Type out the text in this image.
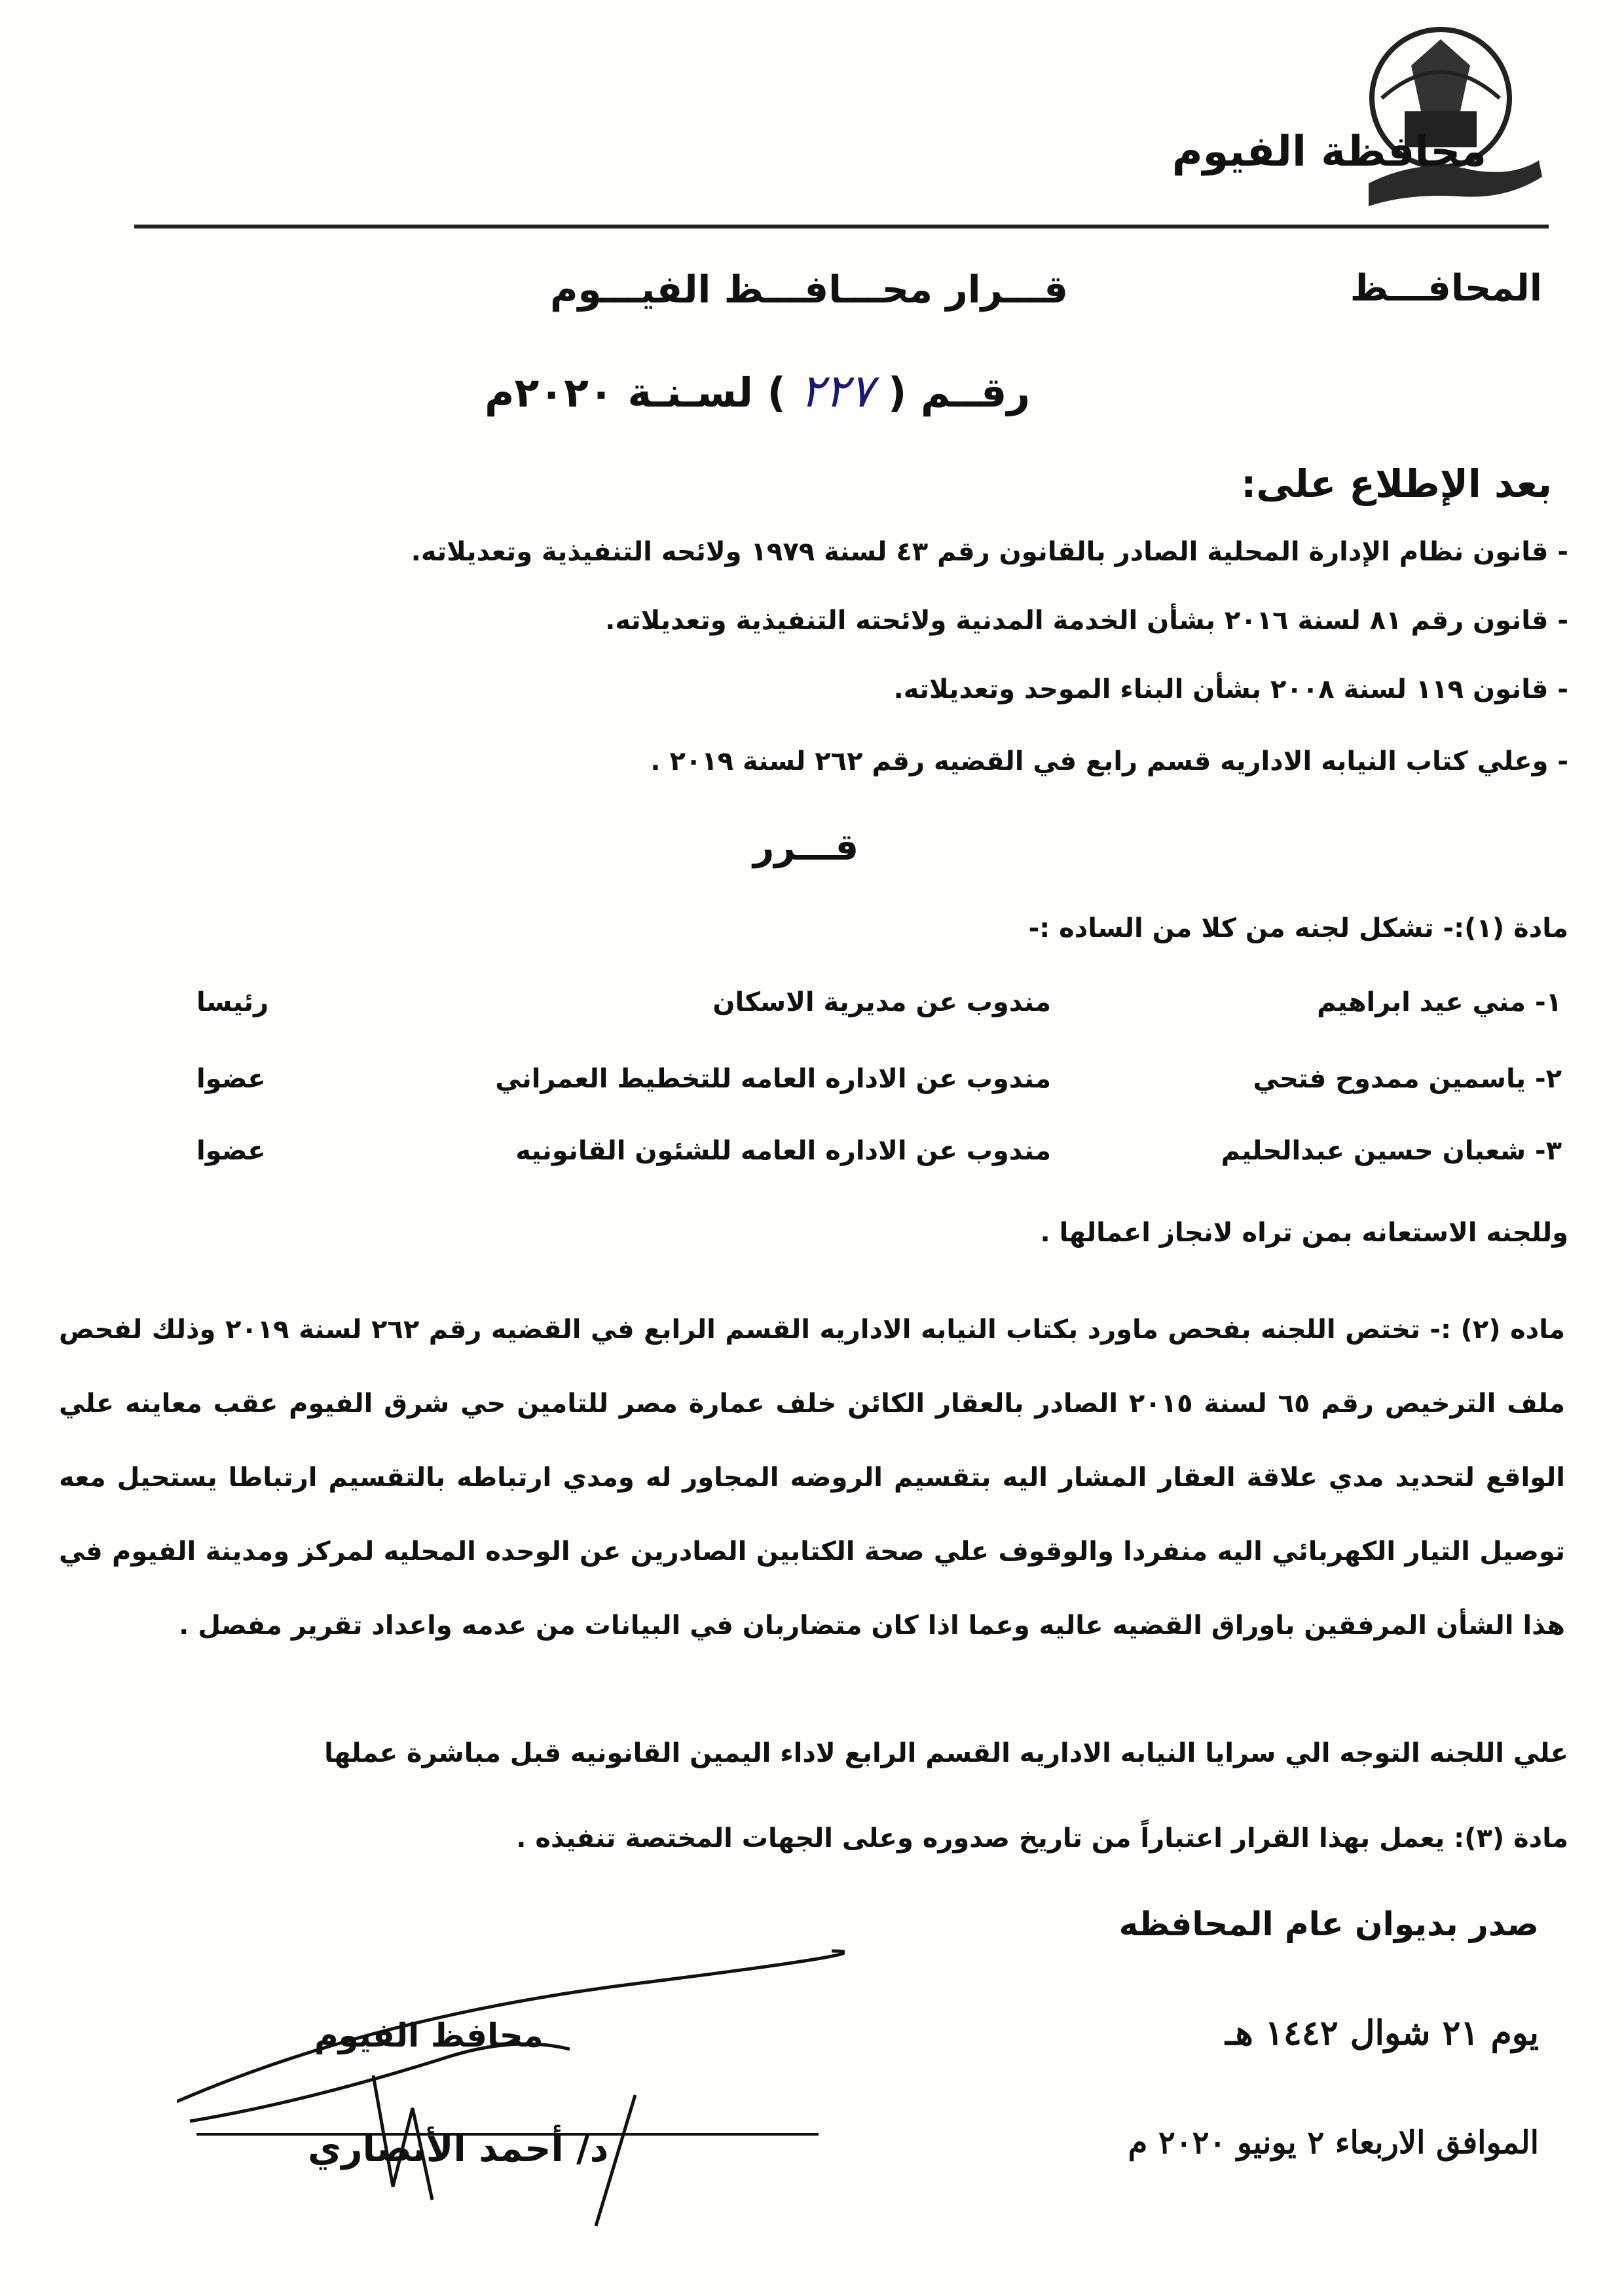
محافظة الفيوم
المحافـــظ
قـــرار محـــافـــظ الفيـــوم
رقــم ( ٢٢٧ ) لسـنـة ٢٠٢٠م
بعد الإطلاع على:
- قانون نظام الإدارة المحلية الصادر بالقانون رقم ٤٣ لسنة ١٩٧٩ ولائحه التنفيذية وتعديلاته.
- قانون رقم ٨١ لسنة ٢٠١٦ بشأن الخدمة المدنية ولائحته التنفيذية وتعديلاته.
- قانون ١١٩ لسنة ٢٠٠٨ بشأن البناء الموحد وتعديلاته.
- وعلي كتاب النيابه الاداريه قسم رابع في القضيه رقم ٢٦٢ لسنة ٢٠١٩ .
قـــرر
مادة (١):- تشكل لجنه من كلا من الساده :-
١- مني عيد ابراهيم
مندوب عن مديرية الاسكان
رئيسا
٢- ياسمين ممدوح فتحي
مندوب عن الاداره العامه للتخطيط العمراني
عضوا
٣- شعبان حسين عبدالحليم
مندوب عن الاداره العامه للشئون القانونيه
عضوا
وللجنه الاستعانه بمن تراه لانجاز اعمالها .
ماده (٢) :- تختص اللجنه بفحص ماورد بكتاب النيابه الاداريه القسم الرابع في القضيه رقم ٢٦٢ لسنة ٢٠١٩ وذلك لفحص ملف الترخيص رقم ٦٥ لسنة ٢٠١٥ الصادر بالعقار الكائن خلف عمارة مصر للتامين حي شرق الفيوم عقب معاينه علي الواقع لتحديد مدي علاقة العقار المشار اليه بتقسيم الروضه المجاور له ومدي ارتباطه بالتقسيم ارتباطا يستحيل معه توصيل التيار الكهربائي اليه منفردا والوقوف علي صحة الكتابين الصادرين عن الوحده المحليه لمركز ومدينة الفيوم في هذا الشأن المرفقين باوراق القضيه عاليه وعما اذا كان متضاربان في البيانات من عدمه واعداد تقرير مفصل .
علي اللجنه التوجه الي سرايا النيابه الاداريه القسم الرابع لاداء اليمين القانونيه قبل مباشرة عملها
مادة (٣): يعمل بهذا القرار اعتباراً من تاريخ صدوره وعلى الجهات المختصة تنفيذه .
صدر بديوان عام المحافظه
يوم ٢١ شوال ١٤٤٢ هـ
الموافق الاربعاء ٢ يونيو ٢٠٢٠ م
محافظ الفيوم
د/ أحمد الأنصاري
